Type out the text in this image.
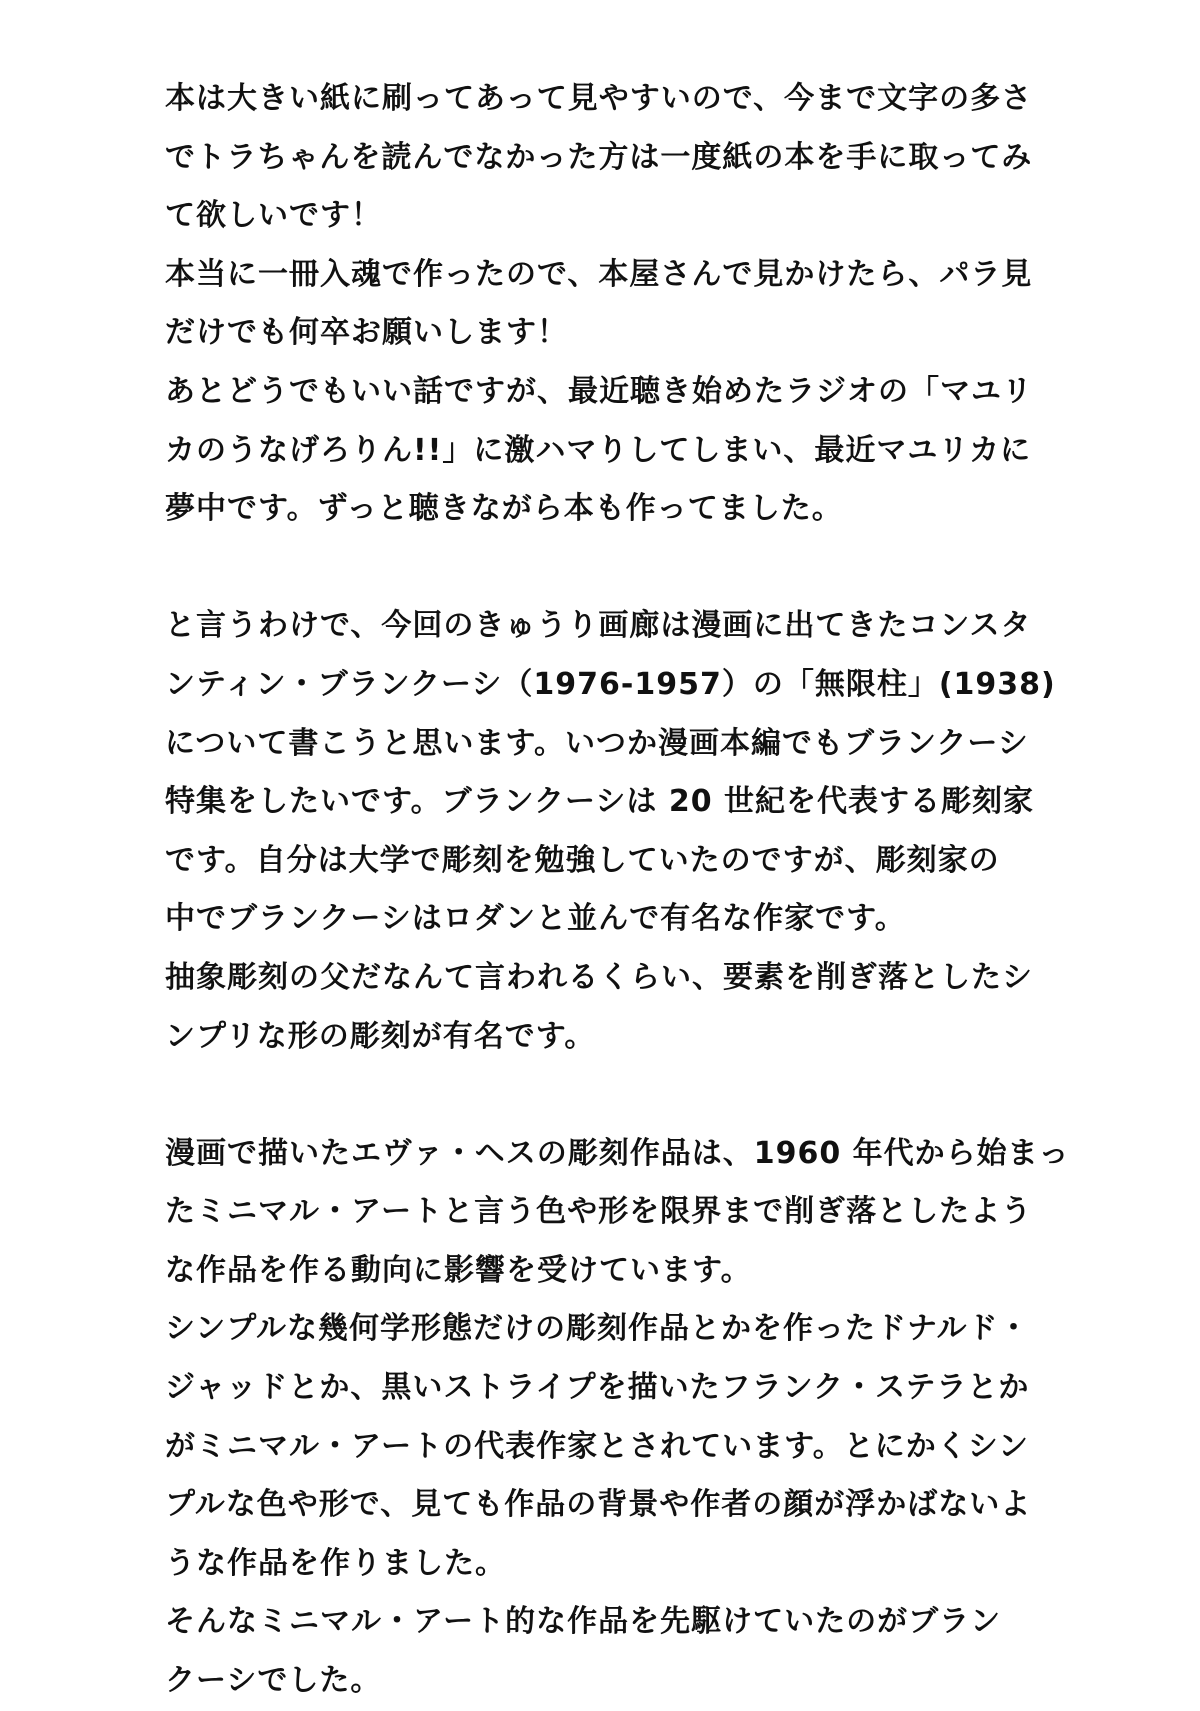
本は大きい紙に刷ってあって見やすいので、今まで文字の多さ
でトラちゃんを読んでなかった方は一度紙の本を手に取ってみ
て欲しいです！
本当に一冊入魂で作ったので、本屋さんで見かけたら、パラ見
だけでも何卒お願いします！
あとどうでもいい話ですが、最近聴き始めたラジオの「マユリ
カのうなげろりん!!」に激ハマりしてしまい、最近マユリカに
夢中です。ずっと聴きながら本も作ってました。
と言うわけで、今回のきゅうり画廊は漫画に出てきたコンスタ
ンティン・ブランクーシ（1976-1957）の「無限柱」(1938)
について書こうと思います。いつか漫画本編でもブランクーシ
特集をしたいです。ブランクーシは 20 世紀を代表する彫刻家
です。自分は大学で彫刻を勉強していたのですが、彫刻家の
中でブランクーシはロダンと並んで有名な作家です。
抽象彫刻の父だなんて言われるくらい、要素を削ぎ落としたシ
ンプリな形の彫刻が有名です。
漫画で描いたエヴァ・ヘスの彫刻作品は、1960 年代から始まっ
たミニマル・アートと言う色や形を限界まで削ぎ落としたよう
な作品を作る動向に影響を受けています。
シンプルな幾何学形態だけの彫刻作品とかを作ったドナルド・
ジャッドとか、黒いストライプを描いたフランク・ステラとか
がミニマル・アートの代表作家とされています。とにかくシン
プルな色や形で、見ても作品の背景や作者の顔が浮かばないよ
うな作品を作りました。
そんなミニマル・アート的な作品を先駆けていたのがブラン
クーシでした。
